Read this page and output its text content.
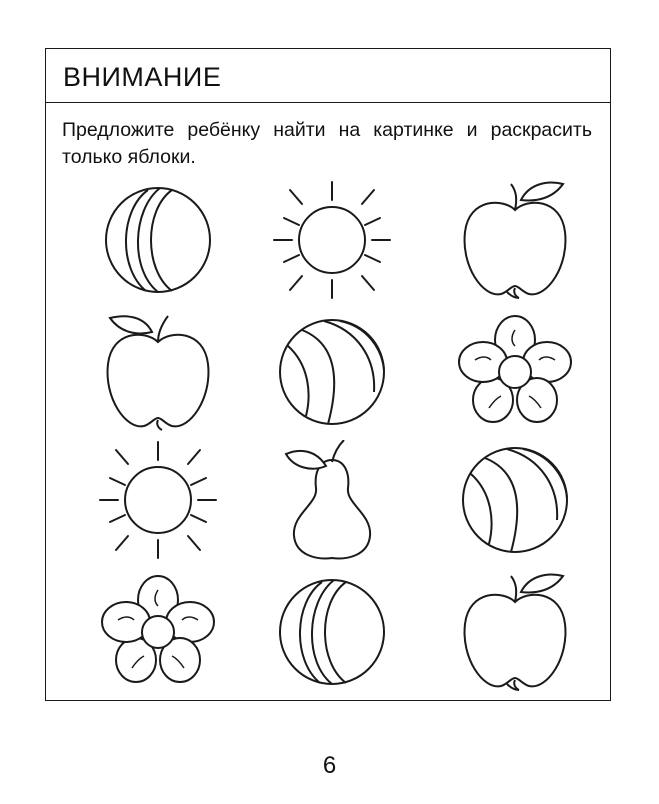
ВНИМАНИЕ
Предложите ребёнку найти на картинке и раскрасить только яблоки.
6
